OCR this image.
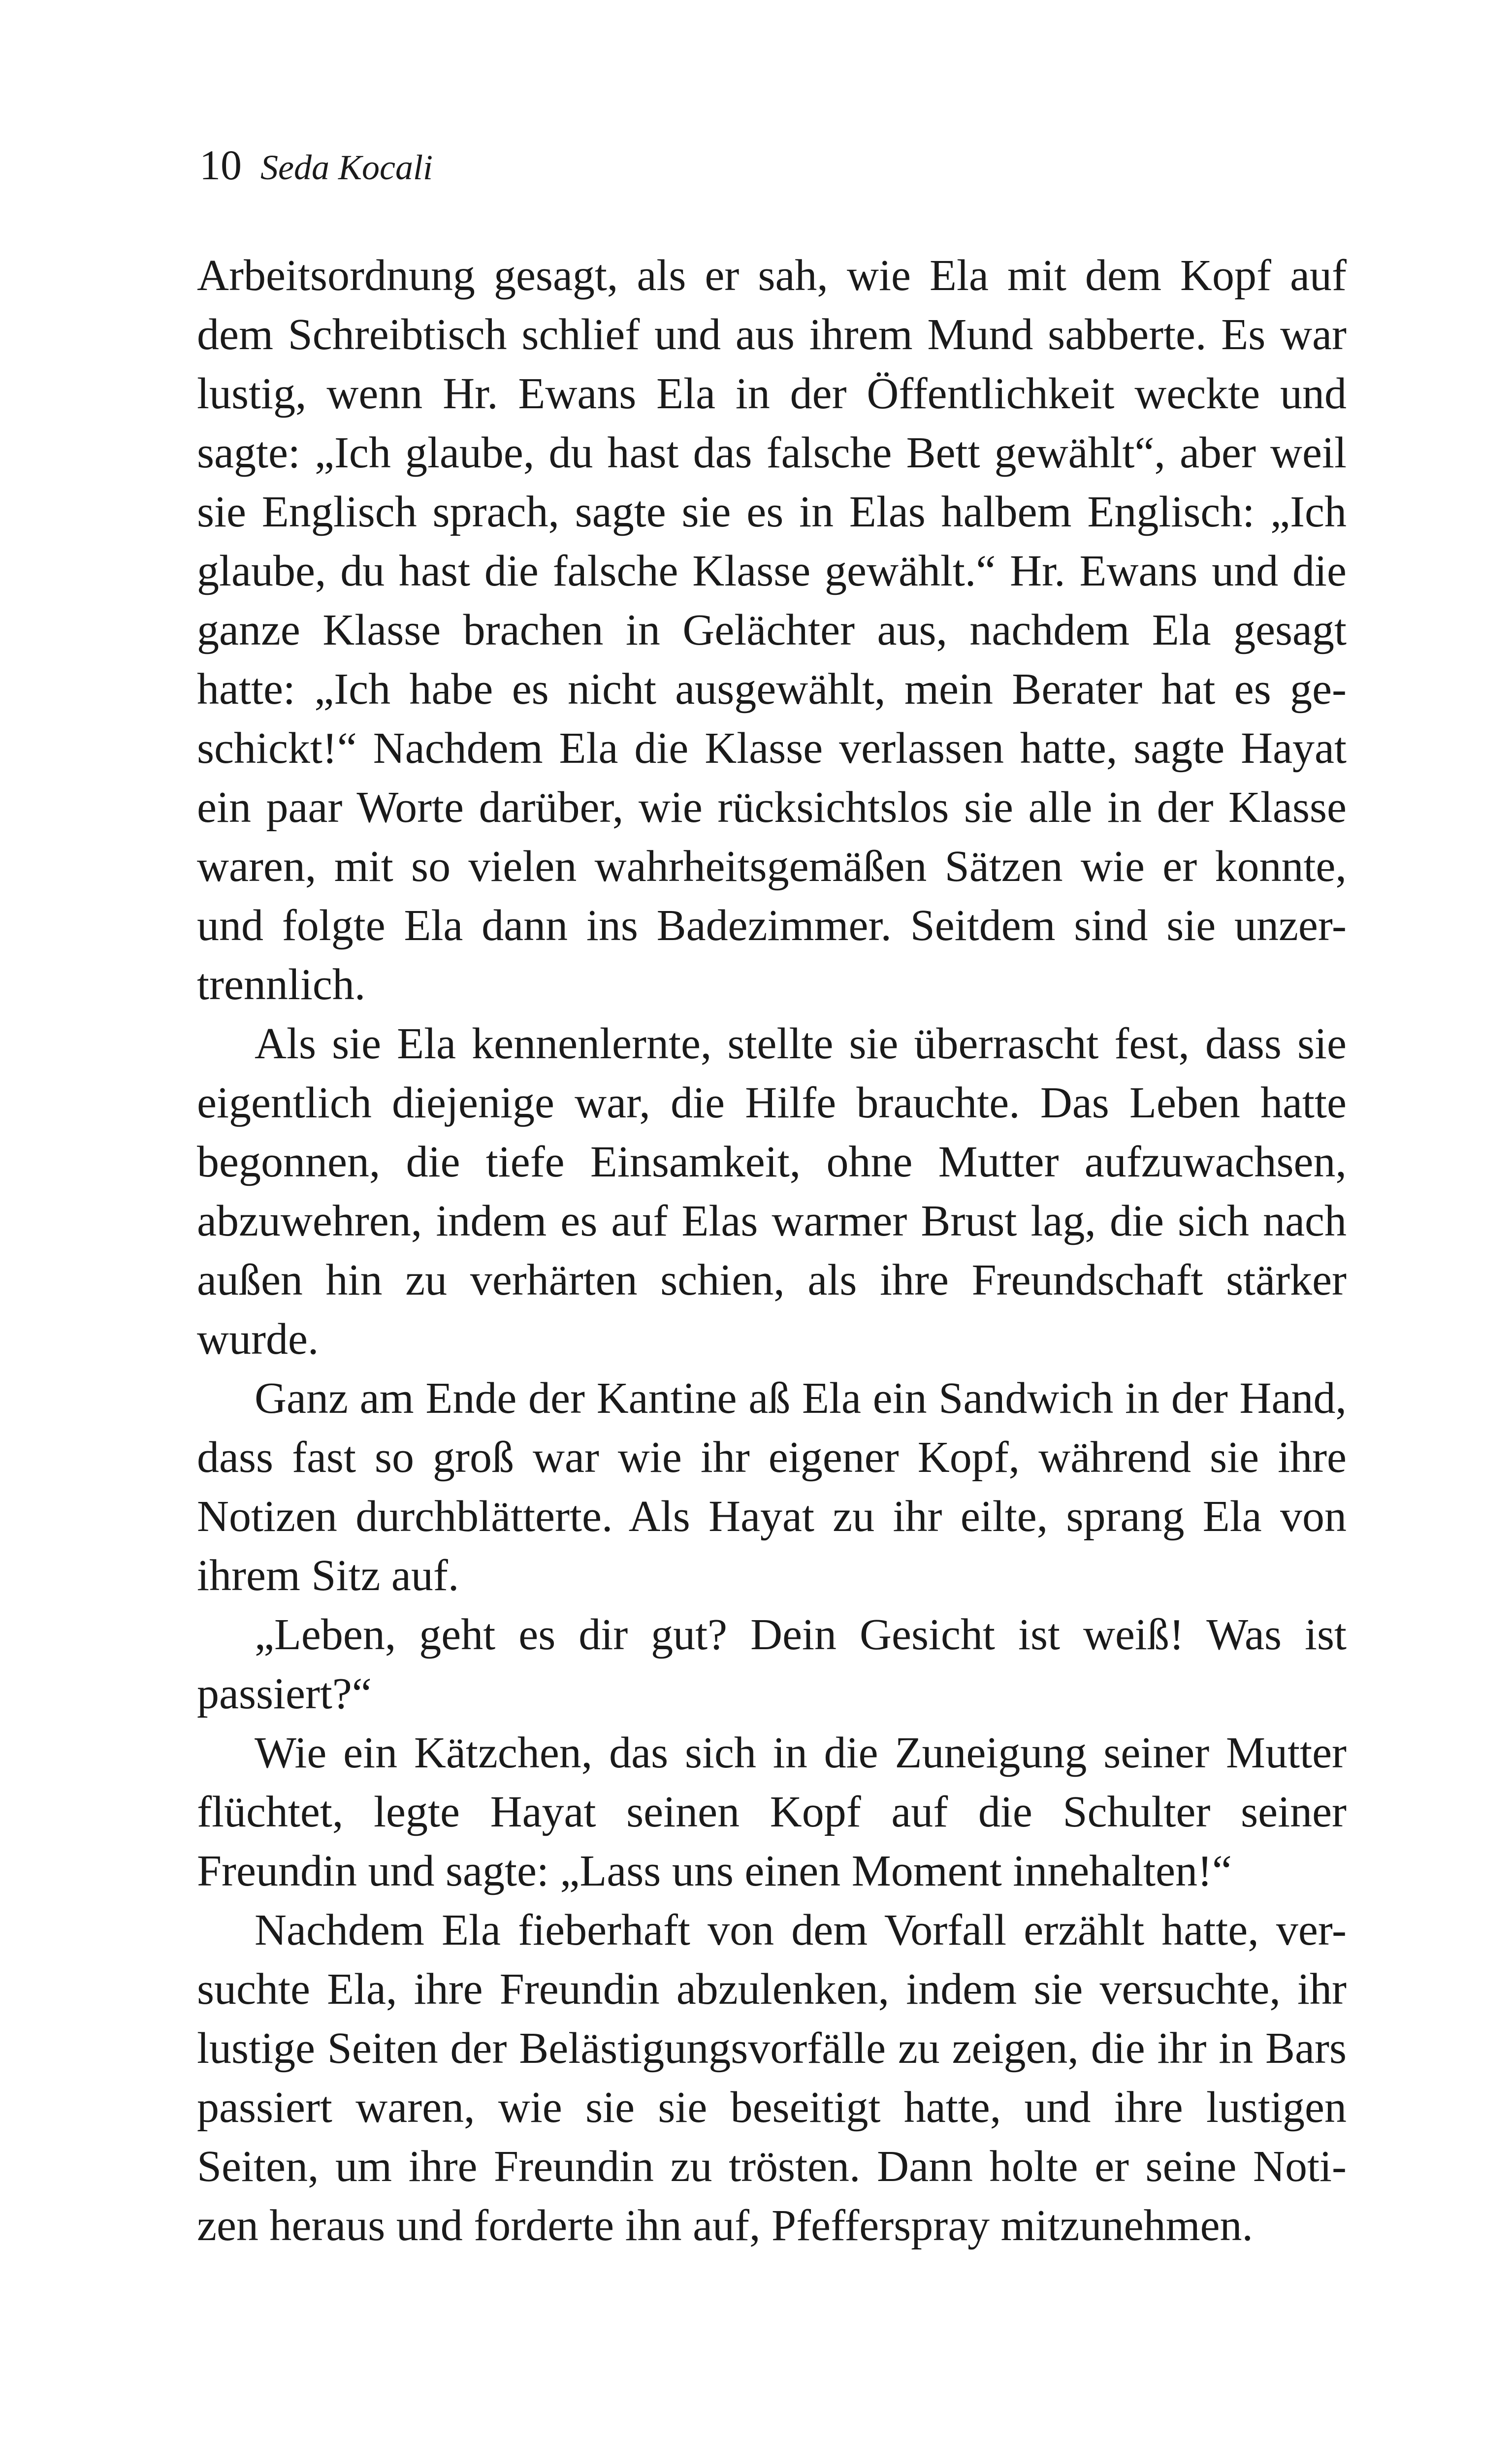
10 Seda Kocali
Arbeitsordnung gesagt, als er sah, wie Ela mit dem Kopf auf
dem Schreibtisch schlief und aus ihrem Mund sabberte. Es war
lustig, wenn Hr. Ewans Ela in der Öffentlichkeit weckte und
sagte: „Ich glaube, du hast das falsche Bett gewählt“, aber weil
sie Englisch sprach, sagte sie es in Elas halbem Englisch: „Ich
glaube, du hast die falsche Klasse gewählt.“ Hr. Ewans und die
ganze Klasse brachen in Gelächter aus, nachdem Ela gesagt
hatte: „Ich habe es nicht ausgewählt, mein Berater hat es ge-
schickt!“ Nachdem Ela die Klasse verlassen hatte, sagte Hayat
ein paar Worte darüber, wie rücksichtslos sie alle in der Klasse
waren, mit so vielen wahrheitsgemäßen Sätzen wie er konnte,
und folgte Ela dann ins Badezimmer. Seitdem sind sie unzer-
trennlich.
Als sie Ela kennenlernte, stellte sie überrascht fest, dass sie
eigentlich diejenige war, die Hilfe brauchte. Das Leben hatte
begonnen, die tiefe Einsamkeit, ohne Mutter aufzuwachsen,
abzuwehren, indem es auf Elas warmer Brust lag, die sich nach
außen hin zu verhärten schien, als ihre Freundschaft stärker
wurde.
Ganz am Ende der Kantine aß Ela ein Sandwich in der Hand,
dass fast so groß war wie ihr eigener Kopf, während sie ihre
Notizen durchblätterte. Als Hayat zu ihr eilte, sprang Ela von
ihrem Sitz auf.
„Leben, geht es dir gut? Dein Gesicht ist weiß! Was ist
passiert?“
Wie ein Kätzchen, das sich in die Zuneigung seiner Mutter
flüchtet, legte Hayat seinen Kopf auf die Schulter seiner
Freundin und sagte: „Lass uns einen Moment innehalten!“
Nachdem Ela fieberhaft von dem Vorfall erzählt hatte, ver-
suchte Ela, ihre Freundin abzulenken, indem sie versuchte, ihr
lustige Seiten der Belästigungsvorfälle zu zeigen, die ihr in Bars
passiert waren, wie sie sie beseitigt hatte, und ihre lustigen
Seiten, um ihre Freundin zu trösten. Dann holte er seine Noti-
zen heraus und forderte ihn auf, Pfefferspray mitzunehmen.
